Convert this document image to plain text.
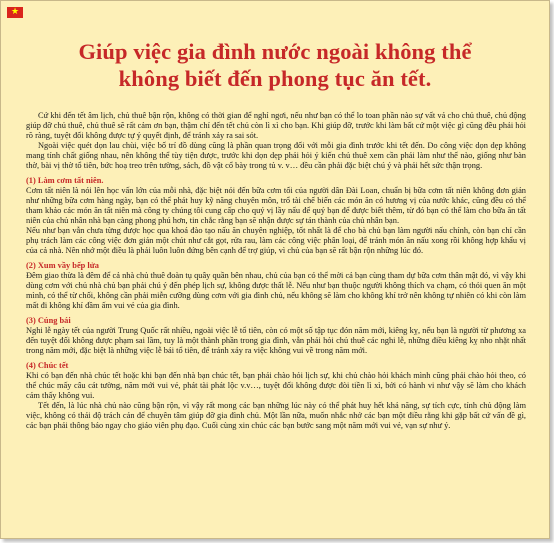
★
Giúp việc gia đình nước ngoài không thể
không biết đến phong tục ăn tết.

Cứ khi đến tết âm lịch, chủ thuê bận rộn, không có thời gian để nghỉ ngơi, nếu như bạn có thể lo toan phần nào sự vất vả cho chủ thuê, chủ động giúp đỡ chủ thuê, chủ thuê sẽ rất cảm ơn bạn, thậm chí đến tết chủ còn lì xì cho bạn. Khi giúp đỡ, trước khi làm bất cứ một việc gì cũng đều phải hỏi rõ ràng, tuyệt đối không được tự ý quyết định, để tránh xảy ra sai sót.

Ngoài việc quét dọn lau chùi, việc bố trí đồ dùng cũng là phần quan trọng đối với mỗi gia đình trước khi tết đến. Do công việc dọn dẹp không mang tính chất giống nhau, nên không thể tùy tiện được, trước khi dọn dẹp phải hỏi ý kiến chủ thuê xem cần phải làm như thế nào, giống như bàn thờ, bài vị thờ tổ tiên, bức hoạ treo trên tường, sách, đồ vật cổ bày trong tủ v. v… đều cần phải đặc biệt chú ý và phải hết sức thận trọng.

(1) Làm cơm tất niên.

Cơm tất niên là nói lên học vấn lớn của mỗi nhà, đặc biệt nói đến bữa cơm tối của người dân Đài Loan, chuẩn bị bữa cơm tất niên không đơn giản như những bữa cơm hàng ngày, bạn có thể phát huy kỹ năng chuyên môn, trổ tài chế biến các món ăn có hương vị của nước khác, cũng đều có thể tham khảo các món ăn tất niên mà công ty chúng tôi cung cấp cho quý vị lầy nấu để quý bạn để được biết thêm, từ đó bạn có thể làm cho bữa ăn tất niên của chủ nhân nhà bạn càng phong phú hơn, tin chắc rằng bạn sẽ nhận được sự tán thành của chủ nhân bạn.

Nếu như bạn vẫn chưa từng được học qua khoá đào tạo nấu ăn chuyên nghiệp, tốt nhất là để cho bà chủ bạn làm người nấu chính, còn bạn chỉ cần phụ trách làm các công việc đơn giản một chút như cắt gọt, rửa rau, làm các công việc phân loại, để tránh món ăn nấu xong rồi không hợp khẩu vị của cả nhà. Nên nhớ một điều là phải luôn luôn đứng bên cạnh để trợ giúp, vì chủ của bạn sẽ rất bận rộn những lúc đó.

(2) Xum vầy bếp lửa

Đêm giao thừa là đêm để cả nhà chủ thuê đoàn tụ quây quần bên nhau, chủ của bạn có thể mời cả bạn cùng tham dự bữa cơm thân mật đó, vì vậy khi dùng cơm với chủ nhà chủ bạn phải chú ý đến phép lịch sự, không được thất lễ. Nếu như bạn thuộc người không thích va chạm, có thói quen ăn một mình, có thể từ chối, không cần phải miễn cưỡng dùng cơm với gia đình chủ, nếu không sẽ làm cho không khí trở nên không tự nhiên có khi còn làm mất đi không khí đầm ấm vui vẻ của gia đình.

(3) Cúng bái

Nghi lễ ngày tết của người Trung Quốc rất nhiều, ngoài việc lễ tổ tiên, còn có một số tập tục đón năm mới, kiêng kỵ, nếu bạn là người từ phương xa đến tuyệt đối không được phạm sai lầm, tuy là một thành phần trong gia đình, vẫn phải hỏi chủ thuê các nghi lễ, những điều kiêng kỵ nho nhặt nhất trong năm mới, đặc biệt là những việc lễ bái tổ tiên, để tránh xảy ra việc không vui về trong năm mới.

(4) Chúc tết

Khi có bạn đến nhà chúc tết hoặc khi bạn đến nhà bạn chúc tết, bạn phải chào hỏi lịch sự, khi chủ chào hỏi khách mình cũng phải chào hỏi theo, có thể chúc mấy câu cát tường, năm mới vui vẻ, phát tài phát lộc v.v…, tuyệt đối không được đòi tiền lì xì, bởi có hành vi như vậy sẽ làm cho khách cảm thấy không vui.

Tết đến, là lúc nhà chủ nào cũng bận rộn, vì vậy rất mong các bạn những lúc này có thể phát huy hết khả năng, sự tích cực, tính chủ động làm việc, không có thái độ trách cản để chuyên tâm giúp đỡ gia đình chủ. Một lần nữa, muốn nhắc nhở các bạn một điều rằng khi gặp bất cứ vấn đề gì, các bạn phải thông báo ngay cho giáo viên phụ đạo. Cuối cùng xin chúc các bạn bước sang một năm mới vui vẻ, vạn sự như ý.
